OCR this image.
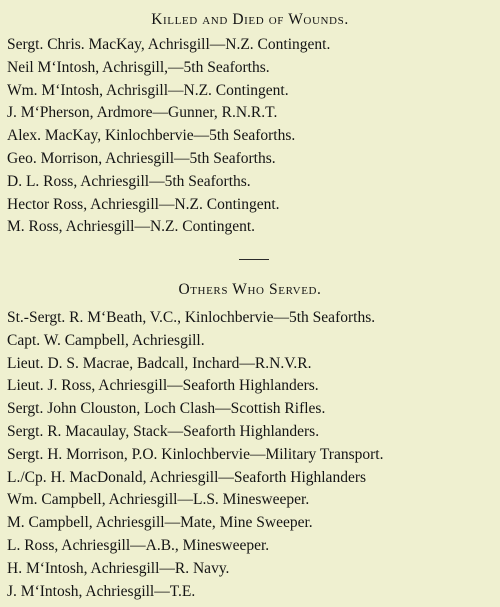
Killed and Died of Wounds.
Sergt. Chris. MacKay, Achrisgill—N.Z. Contingent.
Neil M‘Intosh, Achrisgill,—5th Seaforths.
Wm. M‘Intosh, Achrisgill—N.Z. Contingent.
J. M‘Pherson, Ardmore—Gunner, R.N.R.T.
Alex. MacKay, Kinlochbervie—5th Seaforths.
Geo. Morrison, Achriesgill—5th Seaforths.
D. L. Ross, Achriesgill—5th Seaforths.
Hector Ross, Achriesgill—N.Z. Contingent.
M. Ross, Achriesgill—N.Z. Contingent.
Others Who Served.
St.-Sergt. R. M‘Beath, V.C., Kinlochbervie—5th Seaforths.
Capt. W. Campbell, Achriesgill.
Lieut. D. S. Macrae, Badcall, Inchard—R.N.V.R.
Lieut. J. Ross, Achriesgill—Seaforth Highlanders.
Sergt. John Clouston, Loch Clash—Scottish Rifles.
Sergt. R. Macaulay, Stack—Seaforth Highlanders.
Sergt. H. Morrison, P.O. Kinlochbervie—Military Transport.
L./Cp. H. MacDonald, Achriesgill—Seaforth Highlanders
Wm. Campbell, Achriesgill—L.S. Minesweeper.
M. Campbell, Achriesgill—Mate, Mine Sweeper.
L. Ross, Achriesgill—A.B., Minesweeper.
H. M‘Intosh, Achriesgill—R. Navy.
J. M‘Intosh, Achriesgill—T.E.
